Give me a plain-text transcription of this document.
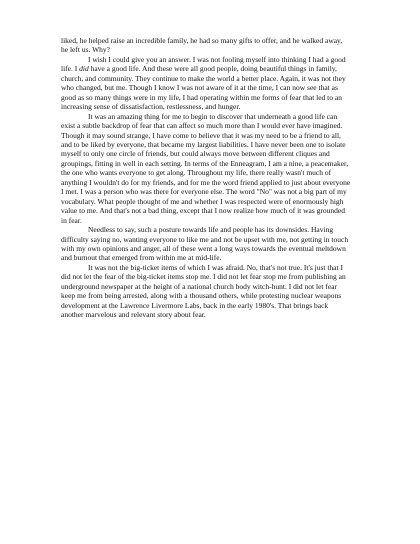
liked, he helped raise an incredible family, he had so many gifts to offer, and he walked away, he left us. Why?

I wish I could give you an answer. I was not fooling myself into thinking I had a good life. I did have a good life. And these were all good people, doing beautiful things in family, church, and community. They continue to make the world a better place. Again, it was not they who changed, but me. Though I know I was not aware of it at the time, I can now see that as good as so many things were in my life, I had operating within me forms of fear that led to an increasing sense of dissatisfaction, restlessness, and hunger.

It was an amazing thing for me to begin to discover that underneath a good life can exist a subtle backdrop of fear that can affect so much more than I would ever have imagined. Though it may sound strange, I have come to believe that it was my need to be a friend to all, and to be liked by everyone, that became my largest liabilities. I have never been one to isolate myself to only one circle of friends, but could always move between different cliques and groupings, fitting in well in each setting. In terms of the Enneagram, I am a nine, a peacemaker, the one who wants everyone to get along. Throughout my life, there really wasn't much of anything I wouldn't do for my friends, and for me the word friend applied to just about everyone I met. I was a person who was there for everyone else. The word "No" was not a big part of my vocabulary. What people thought of me and whether I was respected were of enormously high value to me. And that's not a bad thing, except that I now realize how much of it was grounded in fear.

Needless to say, such a posture towards life and people has its downsides. Having difficulty saying no, wanting everyone to like me and not be upset with me, not getting in touch with my own opinions and anger, all of these went a long ways towards the eventual meltdown and burnout that emerged from within me at mid-life.

It was not the big-ticket items of which I was afraid. No, that's not true. It's just that I did not let the fear of the big-ticket items stop me. I did not let fear stop me from publishing an underground newspaper at the height of a national church body witch-hunt. I did not let fear keep me from being arrested, along with a thousand others, while protesting nuclear weapons development at the Lawrence Livermore Labs, back in the early 1980's. That brings back another marvelous and relevant story about fear.
